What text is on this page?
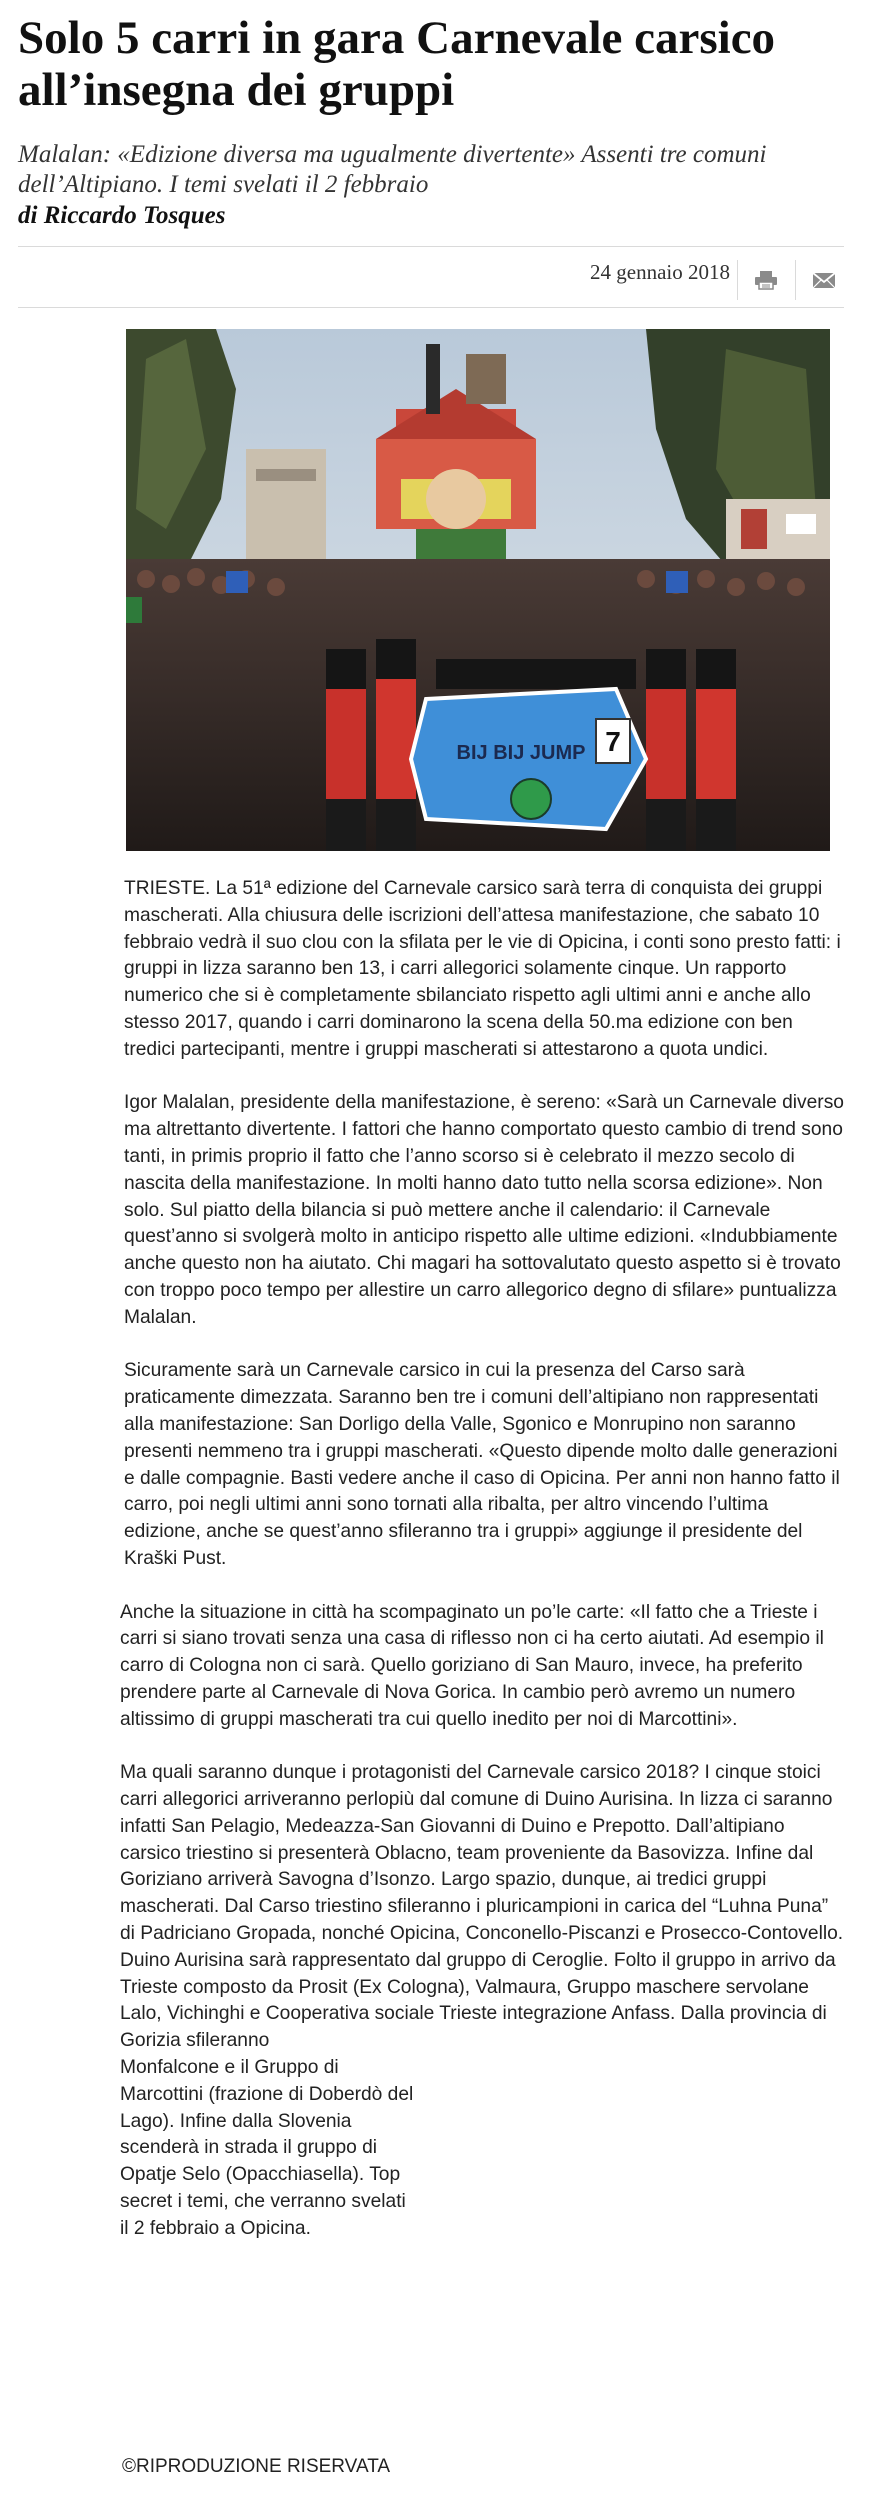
Solo 5 carri in gara Carnevale carsico all’insegna dei gruppi

Malalan: «Edizione diversa ma ugualmente divertente» Assenti tre comuni dell’Altipiano. I temi svelati il 2 febbraio

di Riccardo Tosques

24 gennaio 2018
BIJ BIJ JUMP 7

TRIESTE. La 51ª edizione del Carnevale carsico sarà terra di conquista dei gruppi mascherati. Alla chiusura delle iscrizioni dell’attesa manifestazione, che sabato 10 febbraio vedrà il suo clou con la sfilata per le vie di Opicina, i conti sono presto fatti: i gruppi in lizza saranno ben 13, i carri allegorici solamente cinque. Un rapporto numerico che si è completamente sbilanciato rispetto agli ultimi anni e anche allo stesso 2017, quando i carri dominarono la scena della 50.ma edizione con ben tredici partecipanti, mentre i gruppi mascherati si attestarono a quota undici.

Igor Malalan, presidente della manifestazione, è sereno: «Sarà un Carnevale diverso ma altrettanto divertente. I fattori che hanno comportato questo cambio di trend sono tanti, in primis proprio il fatto che l’anno scorso si è celebrato il mezzo secolo di nascita della manifestazione. In molti hanno dato tutto nella scorsa edizione». Non solo. Sul piatto della bilancia si può mettere anche il calendario: il Carnevale quest’anno si svolgerà molto in anticipo rispetto alle ultime edizioni. «Indubbiamente anche questo non ha aiutato. Chi magari ha sottovalutato questo aspetto si è trovato con troppo poco tempo per allestire un carro allegorico degno di sfilare» puntualizza Malalan.

Sicuramente sarà un Carnevale carsico in cui la presenza del Carso sarà praticamente dimezzata. Saranno ben tre i comuni dell’altipiano non rappresentati alla manifestazione: San Dorligo della Valle, Sgonico e Monrupino non saranno presenti nemmeno tra i gruppi mascherati. «Questo dipende molto dalle generazioni e dalle compagnie. Basti vedere anche il caso di Opicina. Per anni non hanno fatto il carro, poi negli ultimi anni sono tornati alla ribalta, per altro vincendo l’ultima edizione, anche se quest’anno sfileranno tra i gruppi» aggiunge il presidente del Kraški Pust.

Anche la situazione in città ha scompaginato un po’le carte: «Il fatto che a Trieste i carri si siano trovati senza una casa di riflesso non ci ha certo aiutati. Ad esempio il carro di Cologna non ci sarà. Quello goriziano di San Mauro, invece, ha preferito prendere parte al Carnevale di Nova Gorica. In cambio però avremo un numero altissimo di gruppi mascherati tra cui quello inedito per noi di Marcottini».

Ma quali saranno dunque i protagonisti del Carnevale carsico 2018? I cinque stoici carri allegorici arriveranno perlopiù dal comune di Duino Aurisina. In lizza ci saranno infatti San Pelagio, Medeazza-San Giovanni di Duino e Prepotto. Dall’altipiano carsico triestino si presenterà Oblacno, team proveniente da Basovizza. Infine dal Goriziano arriverà Savogna d’Isonzo. Largo spazio, dunque, ai tredici gruppi mascherati. Dal Carso triestino sfileranno i pluricampioni in carica del “Luhna Puna” di Padriciano Gropada, nonché Opicina, Conconello-Piscanzi e Prosecco-Contovello. Duino Aurisina sarà rappresentato dal gruppo di Ceroglie. Folto il gruppo in arrivo da Trieste composto da Prosit (Ex Cologna), Valmaura, Gruppo maschere servolane Lalo, Vichinghi e Cooperativa sociale Trieste integrazione Anfass. Dalla provincia di Gorizia sfileranno

Monfalcone e il Gruppo di
Marcottini (frazione di Doberdò del
Lago). Infine dalla Slovenia
scenderà in strada il gruppo di
Opatje Selo (Opacchiasella). Top
secret i temi, che verranno svelati
il 2 febbraio a Opicina.

©RIPRODUZIONE RISERVATA
